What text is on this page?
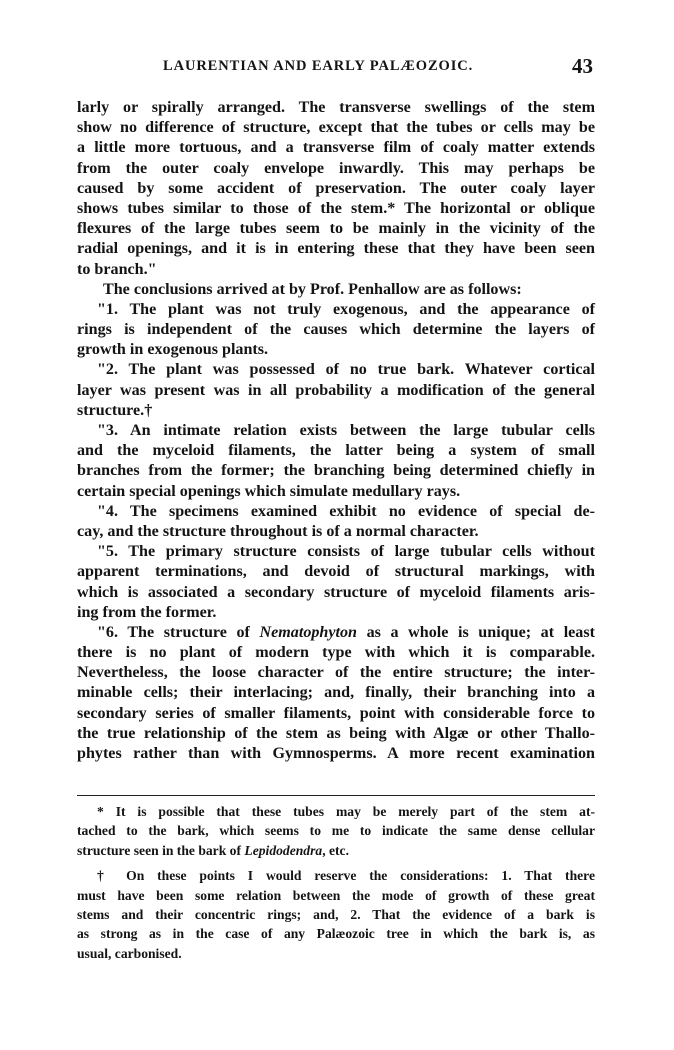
LAURENTIAN AND EARLY PALÆOZOIC.	43
larly or spirally arranged. The transverse swellings of the stem
show no difference of structure, except that the tubes or cells may be
a little more tortuous, and a transverse film of coaly matter extends
from the outer coaly envelope inwardly. This may perhaps be
caused by some accident of preservation. The outer coaly layer
shows tubes similar to those of the stem.* The horizontal or oblique
flexures of the large tubes seem to be mainly in the vicinity of the
radial openings, and it is in entering these that they have been seen
to branch."
The conclusions arrived at by Prof. Penhallow are as follows:
"1. The plant was not truly exogenous, and the appearance of
rings is independent of the causes which determine the layers of
growth in exogenous plants.
"2. The plant was possessed of no true bark. Whatever cortical
layer was present was in all probability a modification of the general
structure.†
"3. An intimate relation exists between the large tubular cells
and the myceloid filaments, the latter being a system of small
branches from the former; the branching being determined chiefly in
certain special openings which simulate medullary rays.
"4. The specimens examined exhibit no evidence of special de-
cay, and the structure throughout is of a normal character.
"5. The primary structure consists of large tubular cells without
apparent terminations, and devoid of structural markings, with
which is associated a secondary structure of myceloid filaments aris-
ing from the former.
"6. The structure of Nematophyton as a whole is unique; at least
there is no plant of modern type with which it is comparable.
Nevertheless, the loose character of the entire structure; the inter-
minable cells; their interlacing; and, finally, their branching into a
secondary series of smaller filaments, point with considerable force to
the true relationship of the stem as being with Algæ or other Thallo-
phytes rather than with Gymnosperms. A more recent examination
* It is possible that these tubes may be merely part of the stem at-
tached to the bark, which seems to me to indicate the same dense cellular
structure seen in the bark of Lepidodendra, etc.
† On these points I would reserve the considerations: 1. That there
must have been some relation between the mode of growth of these great
stems and their concentric rings; and, 2. That the evidence of a bark is
as strong as in the case of any Palæozoic tree in which the bark is, as
usual, carbonised.
